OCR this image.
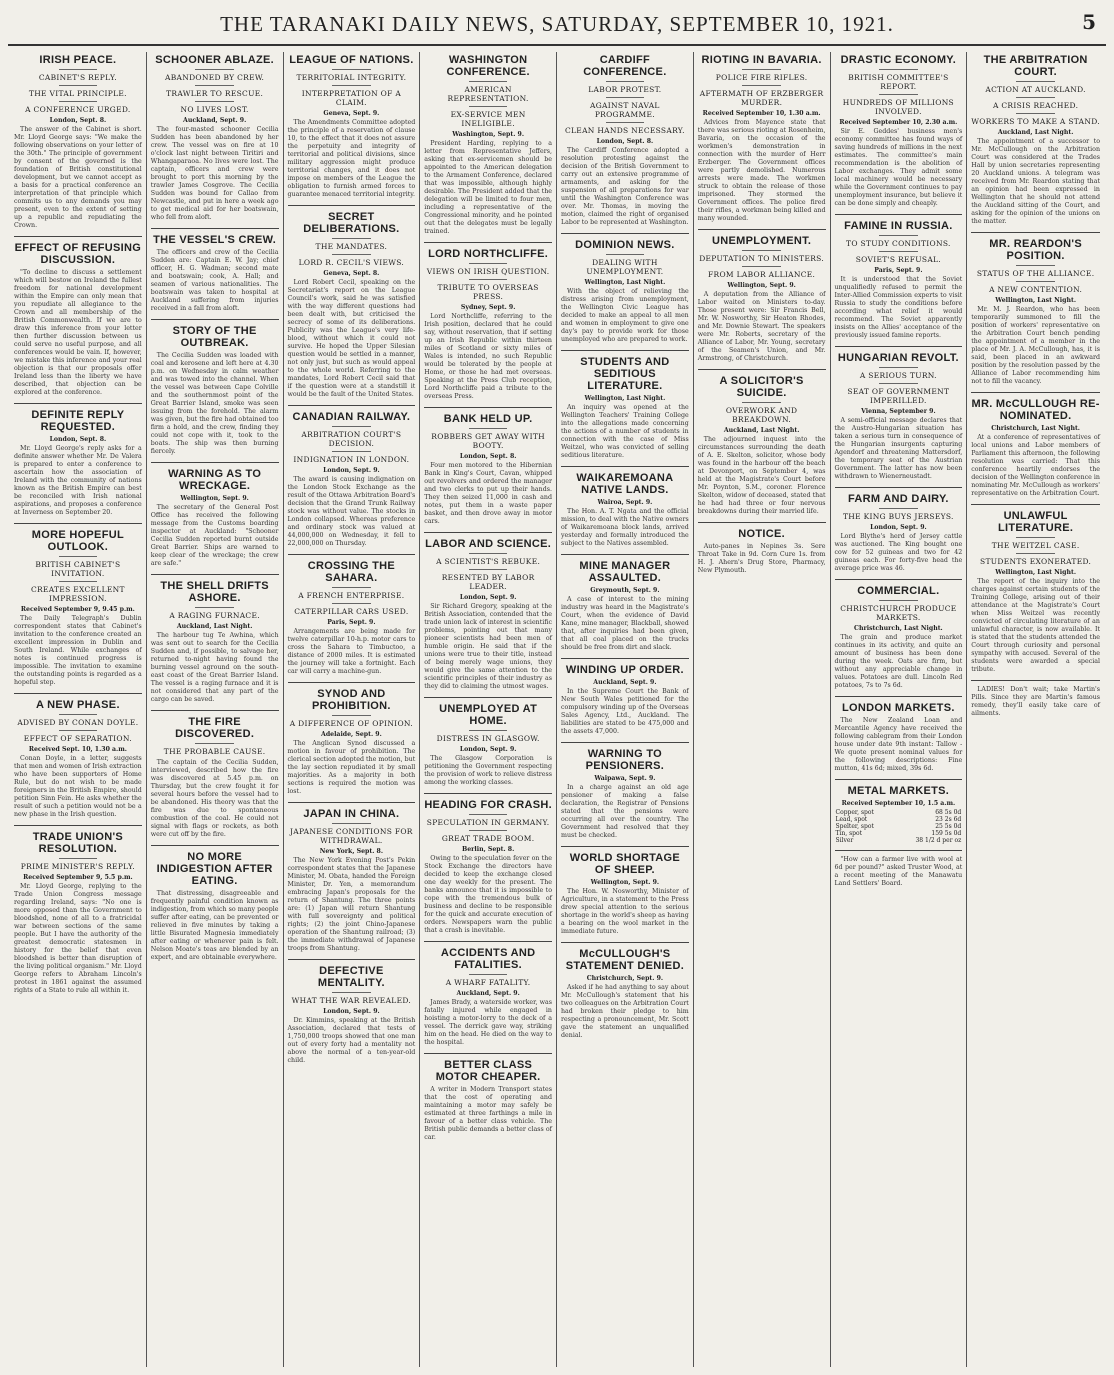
THE TARANAKI DAILY NEWS, SATURDAY, SEPTEMBER 10, 1921.	5
IRISH PEACE.
CABINET'S REPLY.
THE VITAL PRINCIPLE.
A CONFERENCE URGED.
London, Sept. 8.

The answer of the Cabinet is short. Mr. Lloyd George says: "We make the following observations on your letter of the 30th." The principle of government by consent of the governed is the foundation of British constitutional development, but we cannot accept as a basis for a practical conference an interpretation of that principle which commits us to any demands you may present, even to the extent of setting up a republic and repudiating the Crown.

EFFECT OF REFUSING DISCUSSION.

"To decline to discuss a settlement which will bestow on Ireland the fullest freedom for national development within the Empire can only mean that you repudiate all allegiance to the Crown and all membership of the British Commonwealth. If we are to draw this inference from your letter then further discussion between us could serve no useful purpose, and all conferences would be vain. If, however, we mistake this inference and your real objection is that our proposals offer Ireland less than the liberty we have described, that objection can be explored at the conference.

DEFINITE REPLY REQUESTED.
London, Sept. 8.

Mr. Lloyd George's reply asks for a definite answer whether Mr. De Valera is prepared to enter a conference to ascertain how the association of Ireland with the community of nations known as the British Empire can best be reconciled with Irish national aspirations, and proposes a conference at Inverness on September 20.

MORE HOPEFUL OUTLOOK.
BRITISH CABINET'S INVITATION.
CREATES EXCELLENT IMPRESSION.
Received September 9, 9.45 p.m.

The Daily Telegraph's Dublin correspondent states that Cabinet's invitation to the conference created an excellent impression in Dublin and South Ireland. While exchanges of notes is continued progress is impossible. The invitation to examine the outstanding points is regarded as a hopeful step.

A NEW PHASE.
ADVISED BY CONAN DOYLE.
EFFECT OF SEPARATION.
Received Sept. 10, 1.30 a.m.

Conan Doyle, in a letter, suggests that men and women of Irish extraction who have been supporters of Home Rule, but do not wish to be made foreigners in the British Empire, should petition Sinn Fein. He asks whether the result of such a petition would not be a new phase in the Irish question.

TRADE UNION'S RESOLUTION.
PRIME MINISTER'S REPLY.
Received September 9, 5.5 p.m.

Mr. Lloyd George, replying to the Trade Union Congress message regarding Ireland, says: "No one is more opposed than the Government to bloodshed, none of all to a fratricidal war between sections of the same people. But I have the authority of the greatest democratic statesmen in history for the belief that even bloodshed is better than disruption of the living political organism." Mr. Lloyd George refers to Abraham Lincoln's protest in 1861 against the assumed rights of a State to rule all within it.

SCHOONER ABLAZE.
ABANDONED BY CREW.
TRAWLER TO RESCUE.
NO LIVES LOST.
Auckland, Sept. 9.

The four-masted schooner Cecilia Sudden has been abandoned by her crew. The vessel was on fire at 10 o'clock last night between Tiritiri and Whangaparaoa. No lives were lost. The captain, officers and crew were brought to port this morning by the trawler James Cosgrove. The Cecilia Sudden was bound for Callao from Newcastle, and put in here a week ago to get medical aid for her boatswain, who fell from aloft.

THE VESSEL'S CREW.

The officers and crew of the Cecilia Sudden are: Captain E. W. Jay; chief officer, H. G. Wadman; second mate and boatswain; cook, A. Hall; and seamen of various nationalities. The boatswain was taken to hospital at Auckland suffering from injuries received in a fall from aloft.

STORY OF THE OUTBREAK.

The Cecilia Sudden was loaded with coal and kerosene and left here at 4.30 p.m. on Wednesday in calm weather and was towed into the channel. When the vessel was between Cape Colville and the southernmost point of the Great Barrier Island, smoke was seen issuing from the forehold. The alarm was given, but the fire had obtained too firm a hold, and the crew, finding they could not cope with it, took to the boats. The ship was then burning fiercely.

WARNING AS TO WRECKAGE.
Wellington, Sept. 9.

The secretary of the General Post Office has received the following message from the Customs boarding inspector at Auckland: "Schooner Cecilia Sudden reported burnt outside Great Barrier. Ships are warned to keep clear of the wreckage; the crew are safe."

THE SHELL DRIFTS ASHORE.
A RAGING FURNACE.
Auckland, Last Night.

The harbour tug Te Awhina, which was sent out to search for the Cecilia Sudden and, if possible, to salvage her, returned to-night having found the burning vessel aground on the south-east coast of the Great Barrier Island. The vessel is a raging furnace and it is not considered that any part of the cargo can be saved.

THE FIRE DISCOVERED.
THE PROBABLE CAUSE.

The captain of the Cecilia Sudden, interviewed, described how the fire was discovered at 5.45 p.m. on Thursday, but the crew fought it for several hours before the vessel had to be abandoned. His theory was that the fire was due to spontaneous combustion of the coal. He could not signal with flags or rockets, as both were cut off by the fire.

NO MORE INDIGESTION AFTER EATING.

That distressing, disagreeable and frequently painful condition known as indigestion, from which so many people suffer after eating, can be prevented or relieved in five minutes by taking a little Bisurated Magnesia immediately after eating or whenever pain is felt. Nelson Moate's teas are blended by an expert, and are obtainable everywhere.

LEAGUE OF NATIONS.
TERRITORIAL INTEGRITY.
INTERPRETATION OF A CLAIM.
Geneva, Sept. 9.

The Amendments Committee adopted the principle of a reservation of clause 10, to the effect that it does not assure the perpetuity and integrity of territorial and political divisions, since military aggression might produce territorial changes, and it does not impose on members of the League the obligation to furnish armed forces to guarantee menaced territorial integrity.

SECRET DELIBERATIONS.
THE MANDATES.
LORD R. CECIL'S VIEWS.
Geneva, Sept. 8.

Lord Robert Cecil, speaking on the Secretariat's report on the League Council's work, said he was satisfied with the way different questions had been dealt with, but criticised the secrecy of some of its deliberations. Publicity was the League's very life-blood, without which it could not survive. He hoped the Upper Silesian question would be settled in a manner, not only just, but such as would appeal to the whole world. Referring to the mandates, Lord Robert Cecil said that if the question were at a standstill it would be the fault of the United States.

CANADIAN RAILWAY.
ARBITRATION COURT'S DECISION.
INDIGNATION IN LONDON.
London, Sept. 9.

The award is causing indignation on the London Stock Exchange as the result of the Ottawa Arbitration Board's decision that the Grand Trunk Railway stock was without value. The stocks in London collapsed. Whereas preference and ordinary stock was valued at 44,000,000 on Wednesday, it fell to 22,000,000 on Thursday.

CROSSING THE SAHARA.
A FRENCH ENTERPRISE.
CATERPILLAR CARS USED.
Paris, Sept. 9.

Arrangements are being made for twelve caterpillar 10-h.p. motor cars to cross the Sahara to Timbuctoo, a distance of 2000 miles. It is estimated the journey will take a fortnight. Each car will carry a machine-gun.

SYNOD AND PROHIBITION.
A DIFFERENCE OF OPINION.
Adelaide, Sept. 9.

The Anglican Synod discussed a motion in favour of prohibition. The clerical section adopted the motion, but the lay section repudiated it by small majorities. As a majority in both sections is required the motion was lost.

JAPAN IN CHINA.
JAPANESE CONDITIONS FOR WITHDRAWAL.
New York, Sept. 8.

The New York Evening Post's Pekin correspondent states that the Japanese Minister, M. Obata, handed the Foreign Minister, Dr. Yen, a memorandum embracing Japan's proposals for the return of Shantung. The three points are: (1) Japan will return Shantung with full sovereignty and political rights; (2) the joint Chino-Japanese operation of the Shantung railroad; (3) the immediate withdrawal of Japanese troops from Shantung.

DEFECTIVE MENTALITY.
WHAT THE WAR REVEALED.
London, Sept. 9.

Dr. Kimmins, speaking at the British Association, declared that tests of 1,750,000 troops showed that one man out of every forty had a mentality not above the normal of a ten-year-old child.

WASHINGTON CONFERENCE.
AMERICAN REPRESENTATION.
EX-SERVICE MEN INELIGIBLE.
Washington, Sept. 9.

President Harding, replying to a letter from Representative Jeffers, asking that ex-servicemen should be appointed to the American delegation to the Armament Conference, declared that was impossible, although highly desirable. The President added that the delegation will be limited to four men, including a representative of the Congressional minority, and he pointed out that the delegates must be legally trained.

LORD NORTHCLIFFE.
VIEWS ON IRISH QUESTION.
TRIBUTE TO OVERSEAS PRESS.
Sydney, Sept. 9.

Lord Northcliffe, referring to the Irish position, declared that he could say, without reservation, that if setting up an Irish Republic within thirteen miles of Scotland or sixty miles of Wales is intended, no such Republic would be tolerated by the people at Home, or those he had met overseas. Speaking at the Press Club reception, Lord Northcliffe paid a tribute to the overseas Press.

BANK HELD UP.
ROBBERS GET AWAY WITH BOOTY.
London, Sept. 8.

Four men motored to the Hibernian Bank in King's Court, Cavan, whipped out revolvers and ordered the manager and two clerks to put up their hands. They then seized 11,000 in cash and notes, put them in a waste paper basket, and then drove away in motor cars.

LABOR AND SCIENCE.
A SCIENTIST'S REBUKE.
RESENTED BY LABOR LEADER.
London, Sept. 9.

Sir Richard Gregory, speaking at the British Association, contended that the trade union lack of interest in scientific problems, pointing out that many pioneer scientists had been men of humble origin. He said that if the unions were true to their title, instead of being merely wage unions, they would give the same attention to the scientific principles of their industry as they did to claiming the utmost wages.

UNEMPLOYED AT HOME.
DISTRESS IN GLASGOW.
London, Sept. 9.

The Glasgow Corporation is petitioning the Government respecting the provision of work to relieve distress among the working classes.

HEADING FOR CRASH.
SPECULATION IN GERMANY.
GREAT TRADE BOOM.
Berlin, Sept. 8.

Owing to the speculation fever on the Stock Exchange the directors have decided to keep the exchange closed one day weekly for the present. The banks announce that it is impossible to cope with the tremendous bulk of business and decline to be responsible for the quick and accurate execution of orders. Newspapers warn the public that a crash is inevitable.

ACCIDENTS AND FATALITIES.
A WHARF FATALITY.
Auckland, Sept. 9.

James Brady, a waterside worker, was fatally injured while engaged in hoisting a motor-lorry to the deck of a vessel. The derrick gave way, striking him on the head. He died on the way to the hospital.

BETTER CLASS MOTOR CHEAPER.

A writer in Modern Transport states that the cost of operating and maintaining a motor may safely be estimated at three farthings a mile in favour of a better class vehicle. The British public demands a better class of car.

CARDIFF CONFERENCE.
LABOR PROTEST.
AGAINST NAVAL PROGRAMME.
CLEAN HANDS NECESSARY.
London, Sept. 8.

The Cardiff Conference adopted a resolution protesting against the decision of the British Government to carry out an extensive programme of armaments, and asking for the suspension of all preparations for war until the Washington Conference was over. Mr. Thomas, in moving the motion, claimed the right of organised Labor to be represented at Washington.

DOMINION NEWS.
DEALING WITH UNEMPLOYMENT.
Wellington, Last Night.

With the object of relieving the distress arising from unemployment, the Wellington Civic League has decided to make an appeal to all men and women in employment to give one day's pay to provide work for those unemployed who are prepared to work.

STUDENTS AND SEDITIOUS LITERATURE.
Wellington, Last Night.

An inquiry was opened at the Wellington Teachers' Training College into the allegations made concerning the actions of a number of students in connection with the case of Miss Weitzel, who was convicted of selling seditious literature.

WAIKAREMOANA NATIVE LANDS.
Wairoa, Sept. 9.

The Hon. A. T. Ngata and the official mission, to deal with the Native owners of Waikaremoana block lands, arrived yesterday and formally introduced the subject to the Natives assembled.

MINE MANAGER ASSAULTED.
Greymouth, Sept. 9.

A case of interest to the mining industry was heard in the Magistrate's Court, when the evidence of David Kane, mine manager, Blackball, showed that, after inquiries had been given, that all coal placed on the trucks should be free from dirt and slack.

WINDING UP ORDER.
Auckland, Sept. 9.

In the Supreme Court the Bank of New South Wales petitioned for the compulsory winding up of the Overseas Sales Agency, Ltd., Auckland. The liabilities are stated to be 475,000 and the assets 47,000.

WARNING TO PENSIONERS.
Waipawa, Sept. 9.

In a charge against an old age pensioner of making a false declaration, the Registrar of Pensions stated that the pensions were occurring all over the country. The Government had resolved that they must be checked.

WORLD SHORTAGE OF SHEEP.
Wellington, Sept. 9.

The Hon. W. Nosworthy, Minister of Agriculture, in a statement to the Press drew special attention to the serious shortage in the world's sheep as having a bearing on the wool market in the immediate future.

McCULLOUGH'S STATEMENT DENIED.
Christchurch, Sept. 9.

Asked if he had anything to say about Mr. McCullough's statement that his two colleagues on the Arbitration Court had broken their pledge to him respecting a pronouncement, Mr. Scott gave the statement an unqualified denial.

RIOTING IN BAVARIA.
POLICE FIRE RIFLES.
AFTERMATH OF ERZBERGER MURDER.
Received September 10, 1.30 a.m.

Advices from Mayence state that there was serious rioting at Rosenheim, Bavaria, on the occasion of the workmen's demonstration in connection with the murder of Herr Erzberger. The Government offices were partly demolished. Numerous arrests were made. The workmen struck to obtain the release of those imprisoned. They stormed the Government offices. The police fired their rifles, a workman being killed and many wounded.

UNEMPLOYMENT.
DEPUTATION TO MINISTERS.
FROM LABOR ALLIANCE.
Wellington, Sept. 9.

A deputation from the Alliance of Labor waited on Ministers to-day. Those present were: Sir Francis Bell, Mr. W. Nosworthy, Sir Heaton Rhodes, and Mr. Downie Stewart. The speakers were Mr. Roberts, secretary of the Alliance of Labor, Mr. Young, secretary of the Seamen's Union, and Mr. Armstrong, of Christchurch.

A SOLICITOR'S SUICIDE.
OVERWORK AND BREAKDOWN.
Auckland, Last Night.

The adjourned inquest into the circumstances surrounding the death of A. E. Skelton, solicitor, whose body was found in the harbour off the beach at Devonport, on September 4, was held at the Magistrate's Court before Mr. Poynton, S.M., coroner. Florence Skelton, widow of deceased, stated that he had had three or four nervous breakdowns during their married life.

NOTICE.

Auto-panes in Nepines 3s. Sere Throat Take in 9d. Corn Cure 1s. from H. J. Ahern's Drug Store, Pharmacy, New Plymouth.

DRASTIC ECONOMY.
BRITISH COMMITTEE'S REPORT.
HUNDREDS OF MILLIONS INVOLVED.
Received September 10, 2.30 a.m.

Sir E. Geddes' business men's economy committee has found ways of saving hundreds of millions in the next estimates. The committee's main recommendation is the abolition of Labor exchanges. They admit some local machinery would be necessary while the Government continues to pay unemployment insurance, but believe it can be done simply and cheaply.

FAMINE IN RUSSIA.
TO STUDY CONDITIONS.
SOVIET'S REFUSAL.
Paris, Sept. 9.

It is understood that the Soviet unqualifiedly refused to permit the Inter-Allied Commission experts to visit Russia to study the conditions before according what relief it would recommend. The Soviet apparently insists on the Allies' acceptance of the previously issued famine reports.

HUNGARIAN REVOLT.
A SERIOUS TURN.
SEAT OF GOVERNMENT IMPERILLED.
Vienna, September 9.

A semi-official message declares that the Austro-Hungarian situation has taken a serious turn in consequence of the Hungarian insurgents capturing Agendorf and threatening Mattersdorf, the temporary seat of the Austrian Government. The latter has now been withdrawn to Wienerneustadt.

FARM AND DAIRY.
THE KING BUYS JERSEYS.
London, Sept. 9.

Lord Blythe's herd of Jersey cattle was auctioned. The King bought one cow for 52 guineas and two for 42 guineas each. For forty-five head the average price was 46.

COMMERCIAL.
CHRISTCHURCH PRODUCE MARKETS.
Christchurch, Last Night.

The grain and produce market continues in its activity, and quite an amount of business has been done during the week. Oats are firm, but without any appreciable change in values. Potatoes are dull. Lincoln Red potatoes, 7s to 7s 6d.

LONDON MARKETS.

The New Zealand Loan and Mercantile Agency have received the following cablegram from their London house under date 9th instant: Tallow - We quote present nominal values for the following descriptions: Fine mutton, 41s 6d; mixed, 39s 6d.

METAL MARKETS.
Received September 10, 1.5 a.m.
Copper, spot	68 5s 0d
Lead, spot	23 2s 6d
Spelter, spot	25 5s 0d
Tin, spot	159 5s 0d
Silver	38 1/2 d per oz

"How can a farmer live with wool at 6d per pound?" asked Truster Wood, at a recent meeting of the Manawatu Land Settlers' Board.

THE ARBITRATION COURT.
ACTION AT AUCKLAND.
A CRISIS REACHED.
WORKERS TO MAKE A STAND.
Auckland, Last Night.

The appointment of a successor to Mr. McCullough on the Arbitration Court was considered at the Trades Hall by union secretaries representing 20 Auckland unions. A telegram was received from Mr. Reardon stating that an opinion had been expressed in Wellington that he should not attend the Auckland sitting of the Court, and asking for the opinion of the unions on the matter.

MR. REARDON'S POSITION.
STATUS OF THE ALLIANCE.
A NEW CONTENTION.
Wellington, Last Night.

Mr. M. J. Reardon, who has been temporarily summoned to fill the position of workers' representative on the Arbitration Court bench pending the appointment of a member in the place of Mr. J. A. McCullough, has, it is said, been placed in an awkward position by the resolution passed by the Alliance of Labor recommending him not to fill the vacancy.

MR. McCULLOUGH RE-NOMINATED.
Christchurch, Last Night.

At a conference of representatives of local unions and Labor members of Parliament this afternoon, the following resolution was carried: That this conference heartily endorses the decision of the Wellington conference in nominating Mr. McCullough as workers' representative on the Arbitration Court.

UNLAWFUL LITERATURE.
THE WEITZEL CASE.
STUDENTS EXONERATED.
Wellington, Last Night.

The report of the inquiry into the charges against certain students of the Training College, arising out of their attendance at the Magistrate's Court when Miss Weitzel was recently convicted of circulating literature of an unlawful character, is now available. It is stated that the students attended the Court through curiosity and personal sympathy with accused. Several of the students were awarded a special tribute.

LADIES! Don't wait; take Martin's Pills. Since they are Martin's famous remedy, they'll easily take care of ailments.
